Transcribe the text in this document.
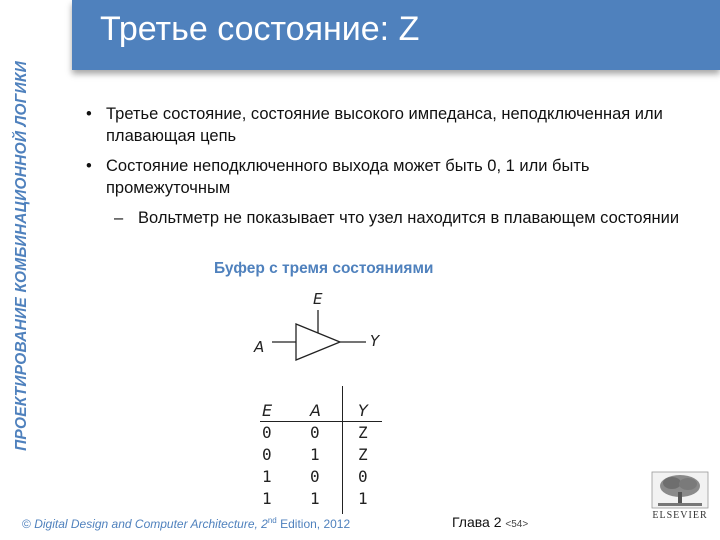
ПРОЕКТИРОВАНИЕ КОМБИНАЦИОННОЙ ЛОГИКИ
Третье состояние: Z
• Третье состояние, состояние высокого импеданса, неподключенная или плавающая цепь
• Состояние неподключенного выхода может быть 0, 1 или быть промежуточным
– Вольтметр не показывает что узел находится в плавающем состоянии
Буфер с тремя состояниями
E
A	Y
E	A	Y
0	0	Z
0	1	Z
1	0	0
1	1	1
© Digital Design and Computer Architecture, 2nd Edition, 2012	Глава 2 <54>
ELSEVIER
